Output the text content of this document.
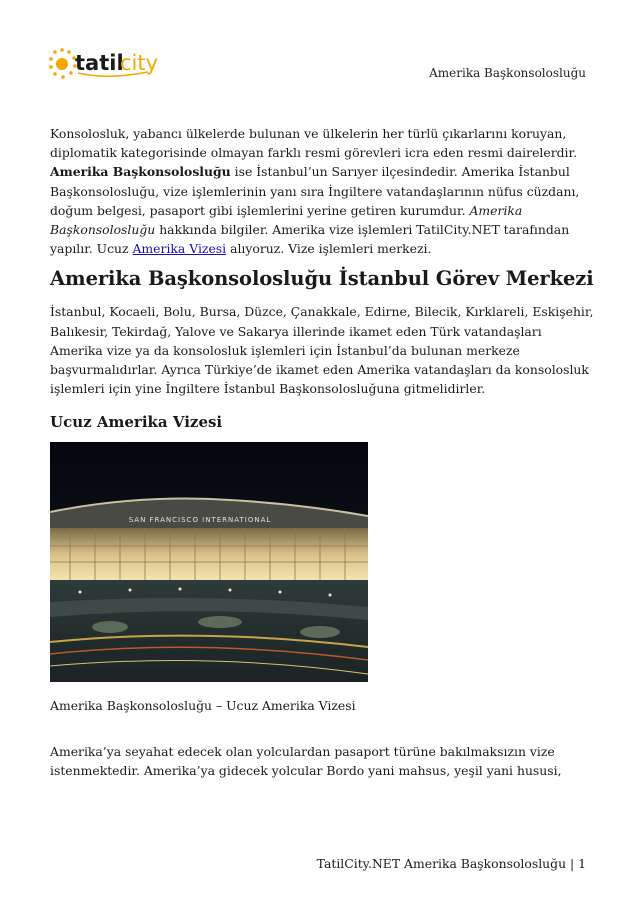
tatil
city	Amerika Başkonsolosluğu

Konsolosluk, yabancı ülkelerde bulunan ve ülkelerin her türlü çıkarlarını koruyan, diplomatik kategorisinde olmayan farklı resmi görevleri icra eden resmi dairelerdir. Amerika Başkonsolosluğu ise İstanbul’un Sarıyer ilçesindedir. Amerika İstanbul Başkonsolosluğu, vize işlemlerinin yanı sıra İngiltere vatandaşlarının nüfus cüzdanı, doğum belgesi, pasaport gibi işlemlerini yerine getiren kurumdur. Amerika Başkonsolosluğu hakkında bilgiler. Amerika vize işlemleri TatilCity.NET tarafından yapılır. Ucuz Amerika Vizesi alıyoruz. Vize işlemleri merkezi.

Amerika Başkonsolosluğu İstanbul Görev Merkezi

İstanbul, Kocaeli, Bolu, Bursa, Düzce, Çanakkale, Edirne, Bilecik, Kırklareli, Eskişehir, Balıkesir, Tekirdağ, Yalove ve Sakarya illerinde ikamet eden Türk vatandaşları Amerika vize ya da konsolosluk işlemleri için İstanbul’da bulunan merkeze başvurmalıdırlar. Ayrıca Türkiye’de ikamet eden Amerika vatandaşları da konsolosluk işlemleri için yine İngiltere İstanbul Başkonsolosluğuna gitmelidirler.

Ucuz Amerika Vizesi
SAN FRANCISCO INTERNATIONAL

Amerika Başkonsolosluğu – Ucuz Amerika Vizesi

Amerika’ya seyahat edecek olan yolculardan pasaport türüne bakılmaksızın vize istenmektedir. Amerika’ya gidecek yolcular Bordo yani mahsus, yeşil yani hususi,

TatilCity.NET Amerika Başkonsolosluğu | 1
